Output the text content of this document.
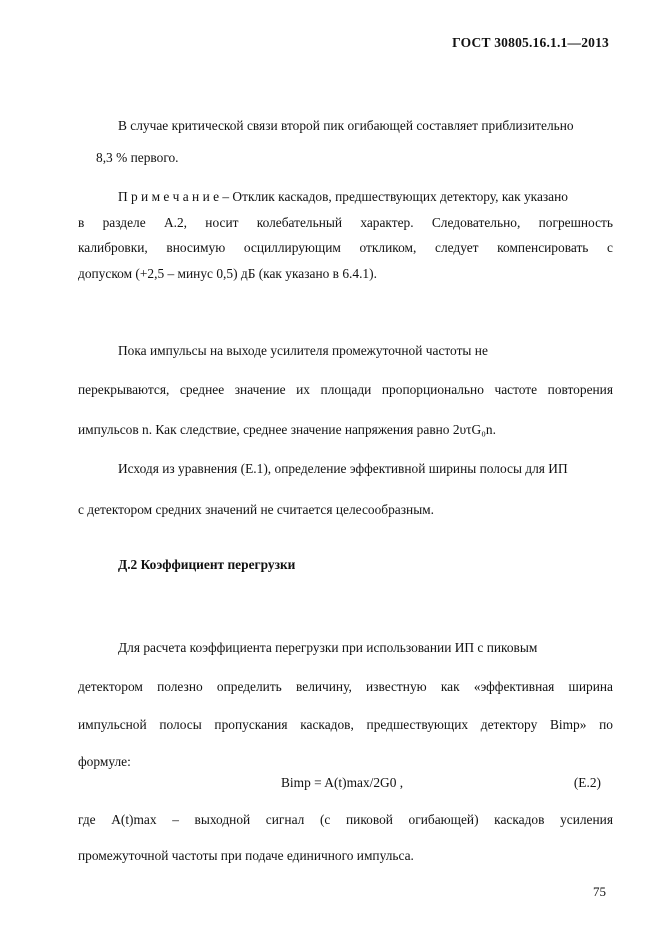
ГОСТ 30805.16.1.1—2013
В случае критической связи второй пик огибающей составляет приблизительно
8,3 % первого.
П р и м е ч а н и е – Отклик каскадов, предшествующих детектору, как указано
в разделе А.2, носит колебательный характер. Следовательно, погрешность
калибровки, вносимую осциллирующим откликом, следует компенсировать с
допуском (+2,5 – минус 0,5) дБ (как указано в 6.4.1).
Пока импульсы на выходе усилителя промежуточной частоты не
перекрываются, среднее значение их площади пропорционально частоте повторения
импульсов n. Как следствие, среднее значение напряжения равно 2υτG₀n.
Исходя из уравнения (Е.1), определение эффективной ширины полосы для ИП
с детектором средних значений не считается целесообразным.
Д.2 Коэффициент перегрузки
Для расчета коэффициента перегрузки при использовании ИП с пиковым
детектором полезно определить величину, известную как «эффективная ширина
импульсной полосы пропускания каскадов, предшествующих детектору Bimp» по
формуле:
Bimp = A(t)max/2G0 ,	(Е.2)
где A(t)max – выходной сигнал (с пиковой огибающей) каскадов усиления
промежуточной частоты при подаче единичного импульса.
75
